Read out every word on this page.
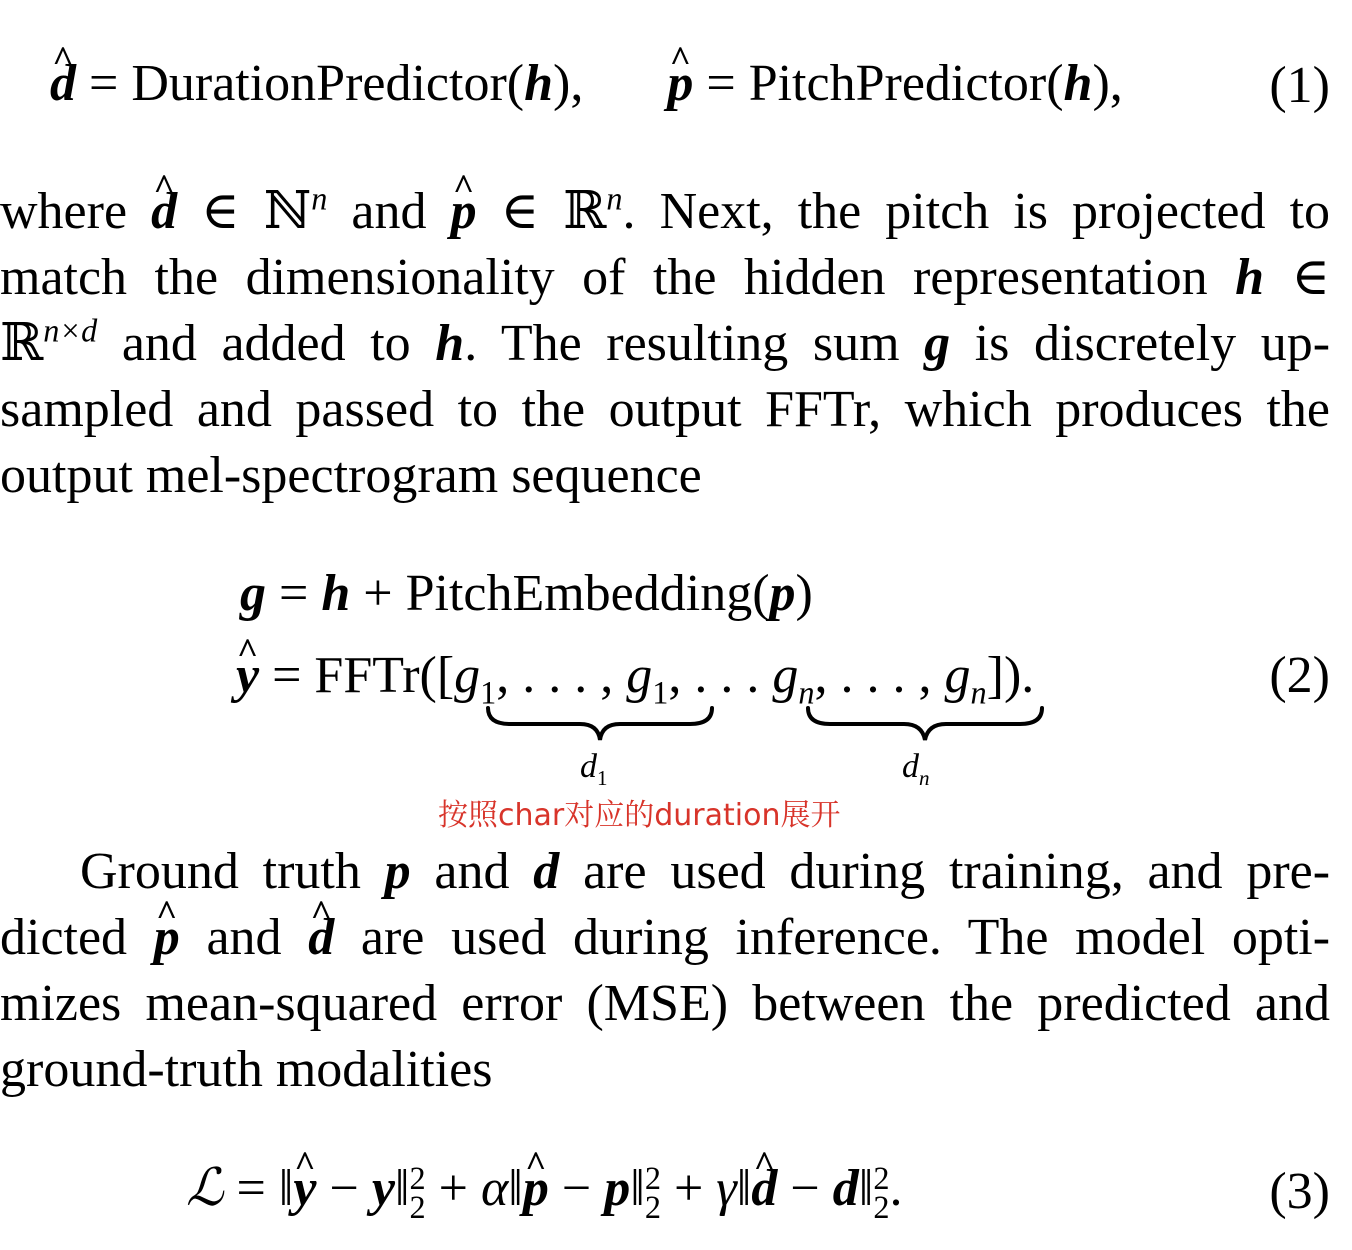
^ d = DurationPredictor(h),  ^ p = PitchPredictor(h),	(1)
where ^ d ∈ ℕ$^n$ and ^ p ∈ ℝ$^n$. Next, the pitch is projected to
match the dimensionality of the hidden representation h ∈
ℝ$^{n\times d}$ and added to h. The resulting sum g is discretely up-
sampled and passed to the output FFTr, which produces the
output mel-spectrogram sequence
g = h + PitchEmbedding(p)
^ $y = FFTr([g_1$, . . . , $g_1$, . . . $g_n$, . . . , $g_n$]).	(2)
$d_1$	$d_n$
按照char对应的duration展开
Ground truth p and d are used during training, and pre-
dicted ^ p and ^ d are used during inference. The model opti-
mizes mean-squared error (MSE) between the predicted and
ground-truth modalities
ℒ = ‖^ y − y‖ 2
2 + α‖^ p − p‖ 2
2 + γ‖^ d − d‖ 2
2 .	(3)
